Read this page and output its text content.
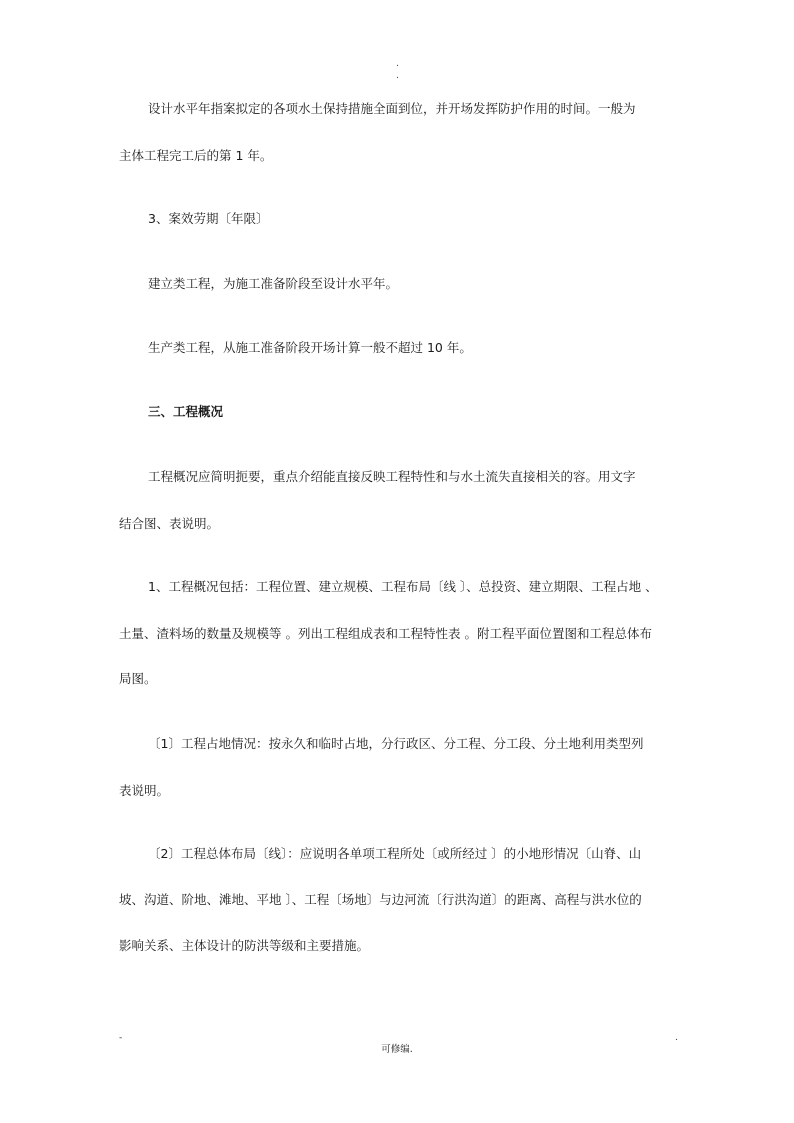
.
.
设计水平年指案拟定的各项水土保持措施全面到位，并开场发挥防护作用的时间。一般为
主体工程完工后的第 1 年。
3、案效劳期〔年限〕
建立类工程，为施工准备阶段至设计水平年。
生产类工程，从施工准备阶段开场计算一般不超过 10 年。
三、工程概况
工程概况应简明扼要，重点介绍能直接反映工程特性和与水土流失直接相关的容。用文字
结合图、表说明。
1、工程概况包括：工程位置、建立规模、工程布局〔线 〕、总投资、建立期限、工程占地 、
土量、渣料场的数量及规模等 。列出工程组成表和工程特性表 。附工程平面位置图和工程总体布
局图。
〔1〕工程占地情况：按永久和临时占地，分行政区、分工程、分工段、分土地利用类型列
表说明。
〔2〕工程总体布局〔线〕：应说明各单项工程所处〔或所经过 〕的小地形情况〔山脊、山
坡、沟道、阶地、滩地、平地 〕、工程〔场地〕与边河流〔行洪沟道〕的距离、高程与洪水位的
影响关系、主体设计的防洪等级和主要措施。
-	.
可修编.
